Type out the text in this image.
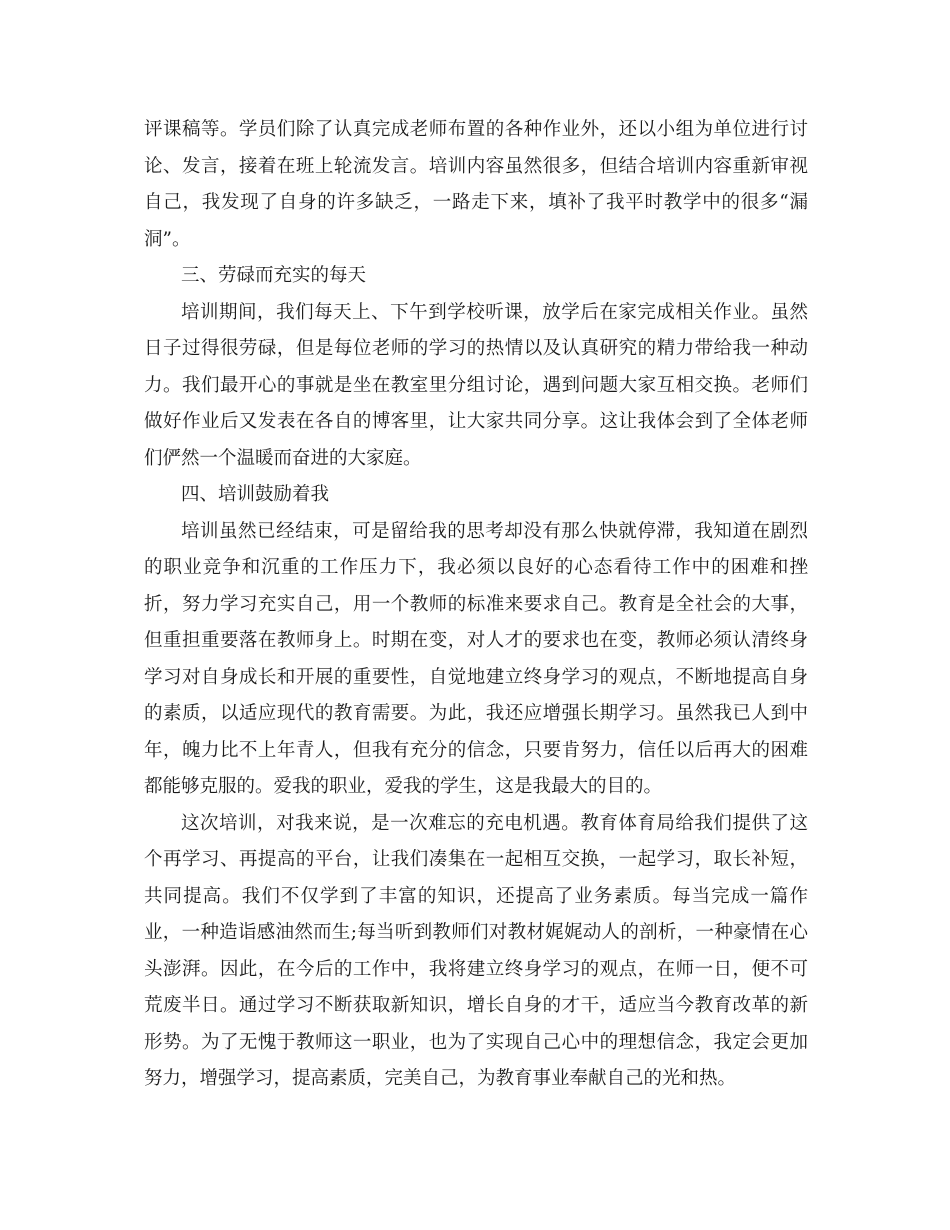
评课稿等。学员们除了认真完成老师布置的各种作业外，还以小组为单位进行讨论、发言，接着在班上轮流发言。培训内容虽然很多，但结合培训内容重新审视自己，我发现了自身的许多缺乏，一路走下来，填补了我平时教学中的很多“漏洞”。

三、劳碌而充实的每天

培训期间，我们每天上、下午到学校听课，放学后在家完成相关作业。虽然日子过得很劳碌，但是每位老师的学习的热情以及认真研究的精力带给我一种动力。我们最开心的事就是坐在教室里分组讨论，遇到问题大家互相交换。老师们做好作业后又发表在各自的博客里，让大家共同分享。这让我体会到了全体老师们俨然一个温暖而奋进的大家庭。

四、培训鼓励着我

培训虽然已经结束，可是留给我的思考却没有那么快就停滞，我知道在剧烈的职业竞争和沉重的工作压力下，我必须以良好的心态看待工作中的困难和挫折，努力学习充实自己，用一个教师的标准来要求自己。教育是全社会的大事，但重担重要落在教师身上。时期在变，对人才的要求也在变，教师必须认清终身学习对自身成长和开展的重要性，自觉地建立终身学习的观点，不断地提高自身的素质，以适应现代的教育需要。为此，我还应增强长期学习。虽然我已人到中年，魄力比不上年青人，但我有充分的信念，只要肯努力，信任以后再大的困难都能够克服的。爱我的职业，爱我的学生，这是我最大的目的。

这次培训，对我来说，是一次难忘的充电机遇。教育体育局给我们提供了这个再学习、再提高的平台，让我们凑集在一起相互交换，一起学习，取长补短，共同提高。我们不仅学到了丰富的知识，还提高了业务素质。每当完成一篇作业，一种造诣感油然而生;每当听到教师们对教材娓娓动人的剖析，一种豪情在心头澎湃。因此，在今后的工作中，我将建立终身学习的观点，在师一日，便不可荒废半日。通过学习不断获取新知识，增长自身的才干，适应当今教育改革的新形势。为了无愧于教师这一职业，也为了实现自己心中的理想信念，我定会更加努力，增强学习，提高素质，完美自己，为教育事业奉献自己的光和热。
